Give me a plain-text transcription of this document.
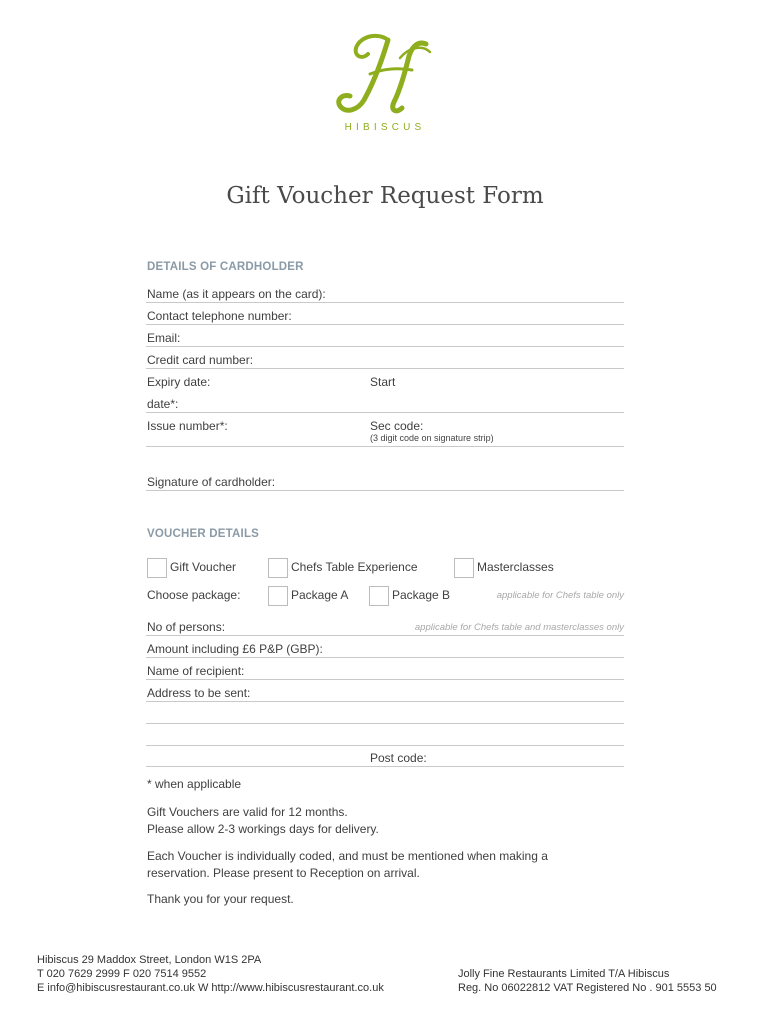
HIBISCUS
Gift Voucher Request Form
DETAILS OF CARDHOLDER
Name (as it appears on the card):
Contact telephone number:
Email:
Credit card number:
Expiry date:	Start
date*:
Issue number*:	Sec code:
(3 digit code on signature strip)
Signature of cardholder:
VOUCHER DETAILS
Gift Voucher	Chefs Table Experience	Masterclasses
Choose package:	Package A	Package B	applicable for Chefs table only
No of persons:	applicable for Chefs table and masterclasses only
Amount including £6 P&P (GBP):
Name of recipient:
Address to be sent:
Post code:
* when applicable
Gift Vouchers are valid for 12 months.
Please allow 2-3 workings days for delivery.
Each Voucher is individually coded, and must be mentioned when making a
reservation. Please present to Reception on arrival.
Thank you for your request.
Hibiscus 29 Maddox Street, London W1S 2PA
T 020 7629 2999 F 020 7514 9552
E info@hibiscusrestaurant.co.uk W http://www.hibiscusrestaurant.co.uk
Jolly Fine Restaurants Limited T/A Hibiscus
Reg. No 06022812 VAT Registered No . 901 5553 50
